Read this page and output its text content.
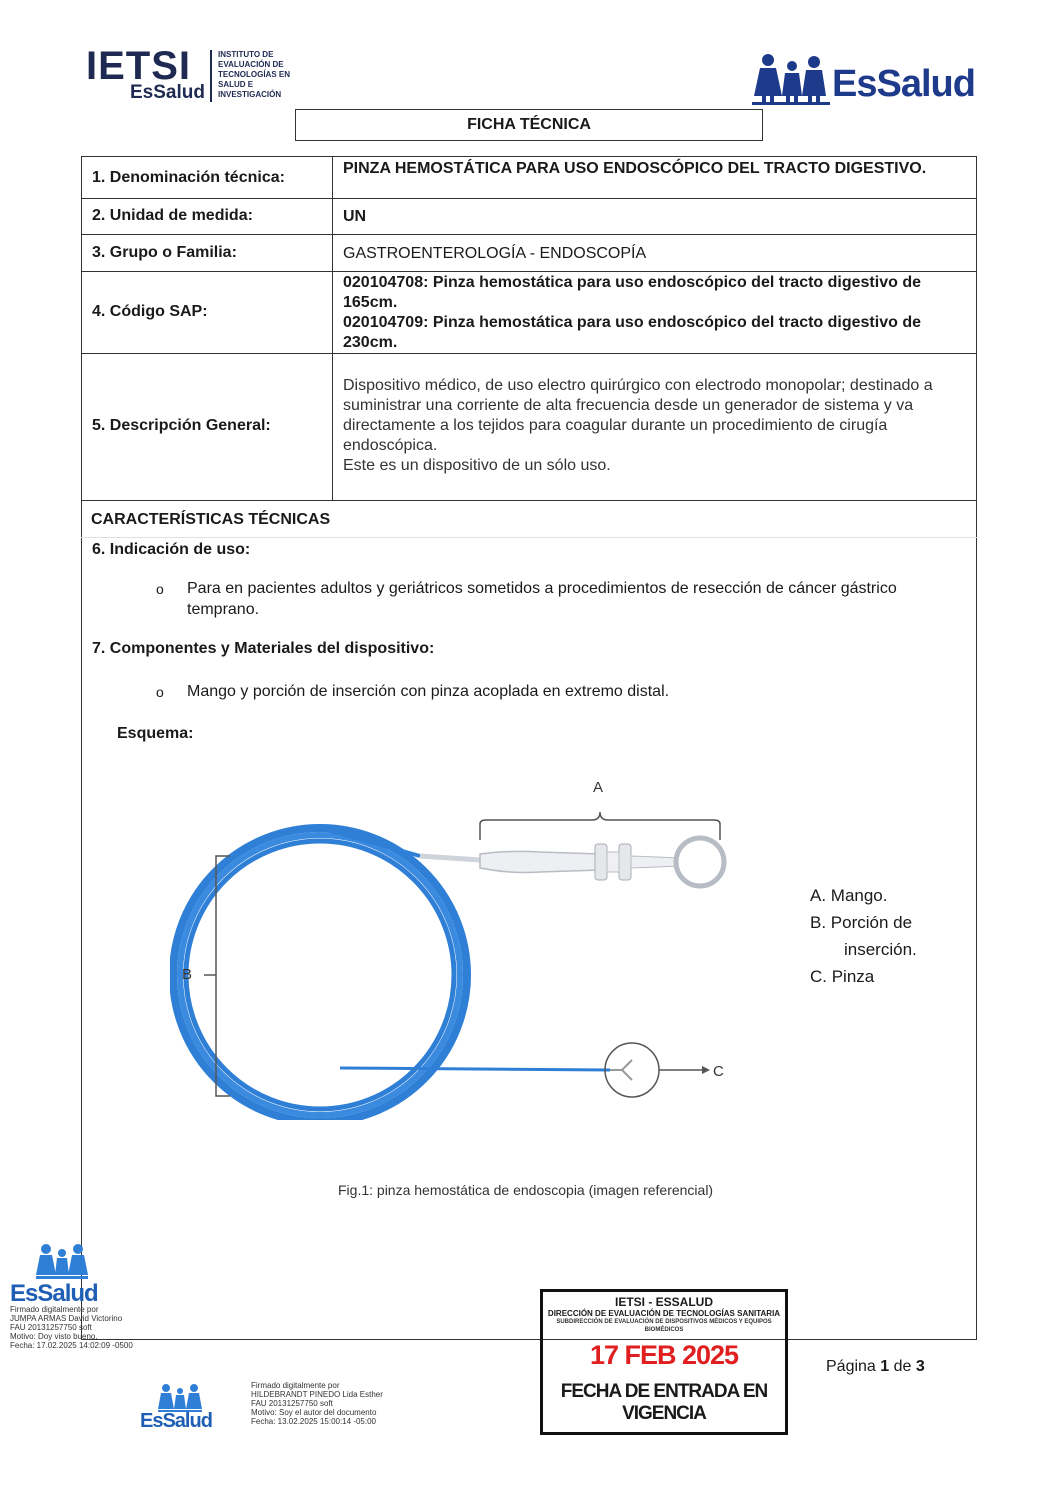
IETSI
EsSalud
INSTITUTO DE
EVALUACIÓN DE
TECNOLOGÍAS EN
SALUD E
INVESTIGACIÓN	EsSalud
FICHA TÉCNICA
1. Denominación técnica:
PINZA HEMOSTÁTICA PARA USO ENDOSCÓPICO DEL TRACTO DIGESTIVO.
2. Unidad de medida:	UN
3. Grupo o Familia:	GASTROENTEROLOGÍA - ENDOSCOPÍA
4. Código SAP:
020104708: Pinza hemostática para uso endoscópico del tracto digestivo de 165cm.
020104709: Pinza hemostática para uso endoscópico del tracto digestivo de 230cm.
5. Descripción General:
Dispositivo médico, de uso electro quirúrgico con electrodo monopolar; destinado a suministrar una corriente de alta frecuencia desde un generador de sistema y va directamente a los tejidos para coagular durante un procedimiento de cirugía endoscópica.
Este es un dispositivo de un sólo uso.
CARACTERÍSTICAS TÉCNICAS
6. Indicación de uso:
o Para en pacientes adultos y geriátricos sometidos a procedimientos de resección de cáncer gástrico temprano.
7. Componentes y Materiales del dispositivo:
o Mango y porción de inserción con pinza acoplada en extremo distal.
Esquema:
A
B
C
A. Mango.
B. Porción de
inserción.
C. Pinza
Fig.1: pinza hemostática de endoscopia (imagen referencial)
EsSalud
Firmado digitalmente por
JUMPA ARMAS David Victorino
FAU 20131257750 soft
Motivo: Doy visto bueno.
Fecha: 17.02.2025 14:02:09 -0500
EsSalud
Firmado digitalmente por
HILDEBRANDT PINEDO Lida Esther
FAU 20131257750 soft
Motivo: Soy el autor del documento
Fecha: 13.02.2025 15:00:14 -05:00
IETSI - ESSALUD
DIRECCIÓN DE EVALUACIÓN DE TECNOLOGÍAS SANITARIA
SUBDIRECCIÓN DE EVALUACIÓN DE DISPOSITIVOS MÉDICOS Y EQUIPOS BIOMÉDICOS
17 FEB 2025
FECHA DE ENTRADA EN VIGENCIA
Página 1 de 3
